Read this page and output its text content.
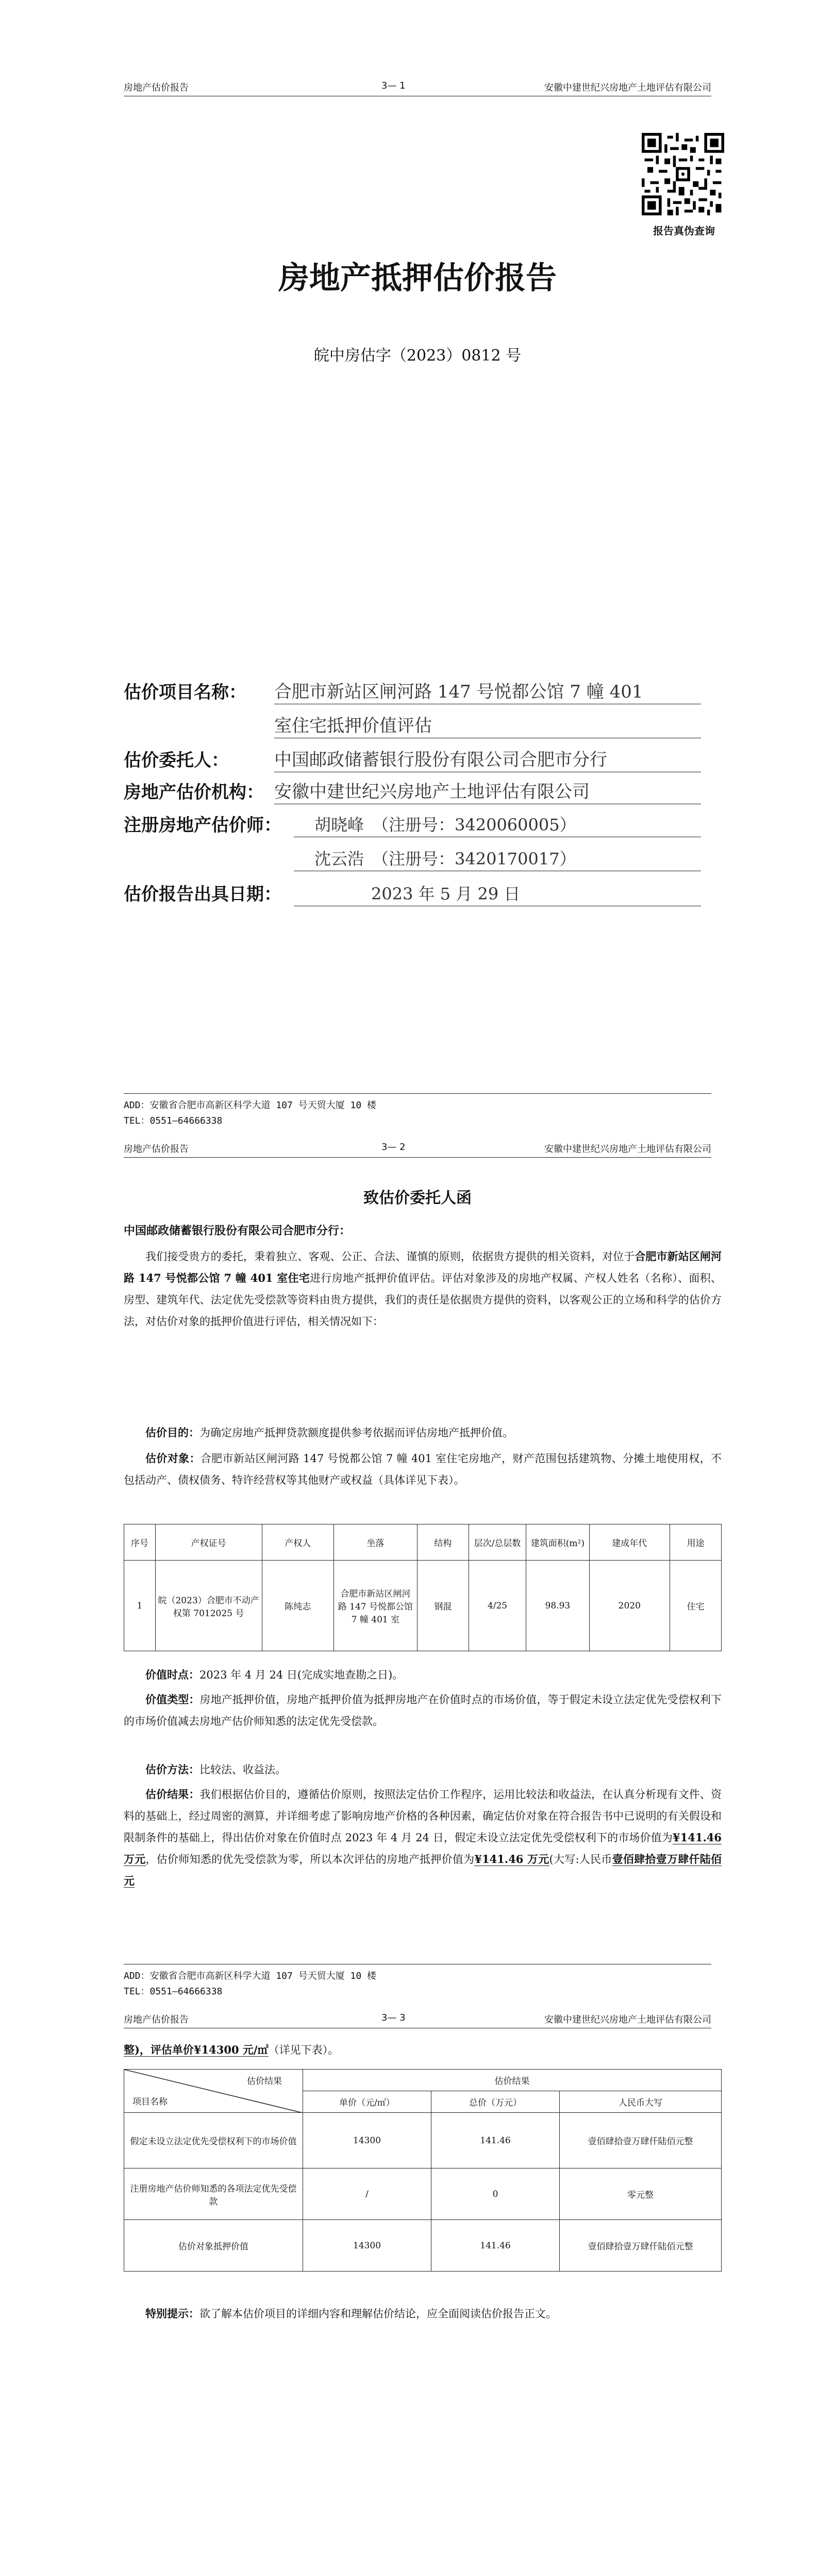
房地产估价报告	3— 1	安徽中建世纪兴房地产土地评估有限公司
报告真伪查询
房地产抵押估价报告
皖中房估字（2023）0812 号
估价项目名称： 合肥市新站区闸河路 147 号悦都公馆 7 幢 401
室住宅抵押价值评估
估价委托人：	中国邮政储蓄银行股份有限公司合肥市分行
房地产估价机构： 安徽中建世纪兴房地产土地评估有限公司
注册房地产估价师：	胡晓峰　（注册号：3420060005）
沈云浩　（注册号：3420170017）
估价报告出具日期：	2023 年 5 月 29 日
ADD：安徽省合肥市高新区科学大道 107 号天贸大厦 10 楼
TEL：0551—64666338
房地产估价报告	3— 2	安徽中建世纪兴房地产土地评估有限公司
致估价委托人函
中国邮政储蓄银行股份有限公司合肥市分行：
我们接受贵方的委托，秉着独立、客观、公正、合法、谨慎的原则，依据贵方提供的相关资料，对位于合肥市新站区闸河路 147 号悦都公馆 7 幢 401 室住宅进行房地产抵押价值评估。评估对象涉及的房地产权属、产权人姓名（名称）、面积、房型、建筑年代、法定优先受偿款等资料由贵方提供，我们的责任是依据贵方提供的资料，以客观公正的立场和科学的估价方法，对估价对象的抵押价值进行评估，相关情况如下：
估价目的：为确定房地产抵押贷款额度提供参考依据而评估房地产抵押价值。
估价对象：合肥市新站区闸河路 147 号悦都公馆 7 幢 401 室住宅房地产，财产范围包括建筑物、分摊土地使用权，不包括动产、债权债务、特许经营权等其他财产或权益（具体详见下表）。
序号	产权证号	产权人	坐落	结构	层次/总层数	建筑面积(m²)	建成年代	用途
1	皖（2023）合肥市不动产权第 7012025 号	陈纯志	合肥市新站区闸河路 147 号悦都公馆 7 幢 401 室	钢混	4/25	98.93	2020	住宅
价值时点：2023 年 4 月 24 日(完成实地查勘之日)。
价值类型：房地产抵押价值，房地产抵押价值为抵押房地产在价值时点的市场价值，等于假定未设立法定优先受偿权利下的市场价值减去房地产估价师知悉的法定优先受偿款。
估价方法：比较法、收益法。
估价结果：我们根据估价目的，遵循估价原则，按照法定估价工作程序，运用比较法和收益法，在认真分析现有文件、资料的基础上，经过周密的测算，并详细考虑了影响房地产价格的各种因素，确定估价对象在符合报告书中已说明的有关假设和限制条件的基础上，得出估价对象在价值时点 2023 年 4 月 24 日，假定未设立法定优先受偿权利下的市场价值为¥141.46 万元，估价师知悉的优先受偿款为零，所以本次评估的房地产抵押价值为¥141.46 万元(大写:人民币壹佰肆拾壹万肆仟陆佰元
ADD：安徽省合肥市高新区科学大道 107 号天贸大厦 10 楼
TEL：0551—64666338
房地产估价报告	3— 3	安徽中建世纪兴房地产土地评估有限公司
整)，评估单价¥14300 元/㎡（详见下表）。
估价结果
项目名称	估价结果		
	单价（元/㎡）	总价（万元）	人民币大写
假定未设立法定优先受偿权利下的市场价值	14300	141.46	壹佰肆拾壹万肆仟陆佰元整
注册房地产估价师知悉的各项法定优先受偿款	/	0	零元整
估价对象抵押价值	14300	141.46	壹佰肆拾壹万肆仟陆佰元整
特别提示：欲了解本估价项目的详细内容和理解估价结论，应全面阅读估价报告正文。
